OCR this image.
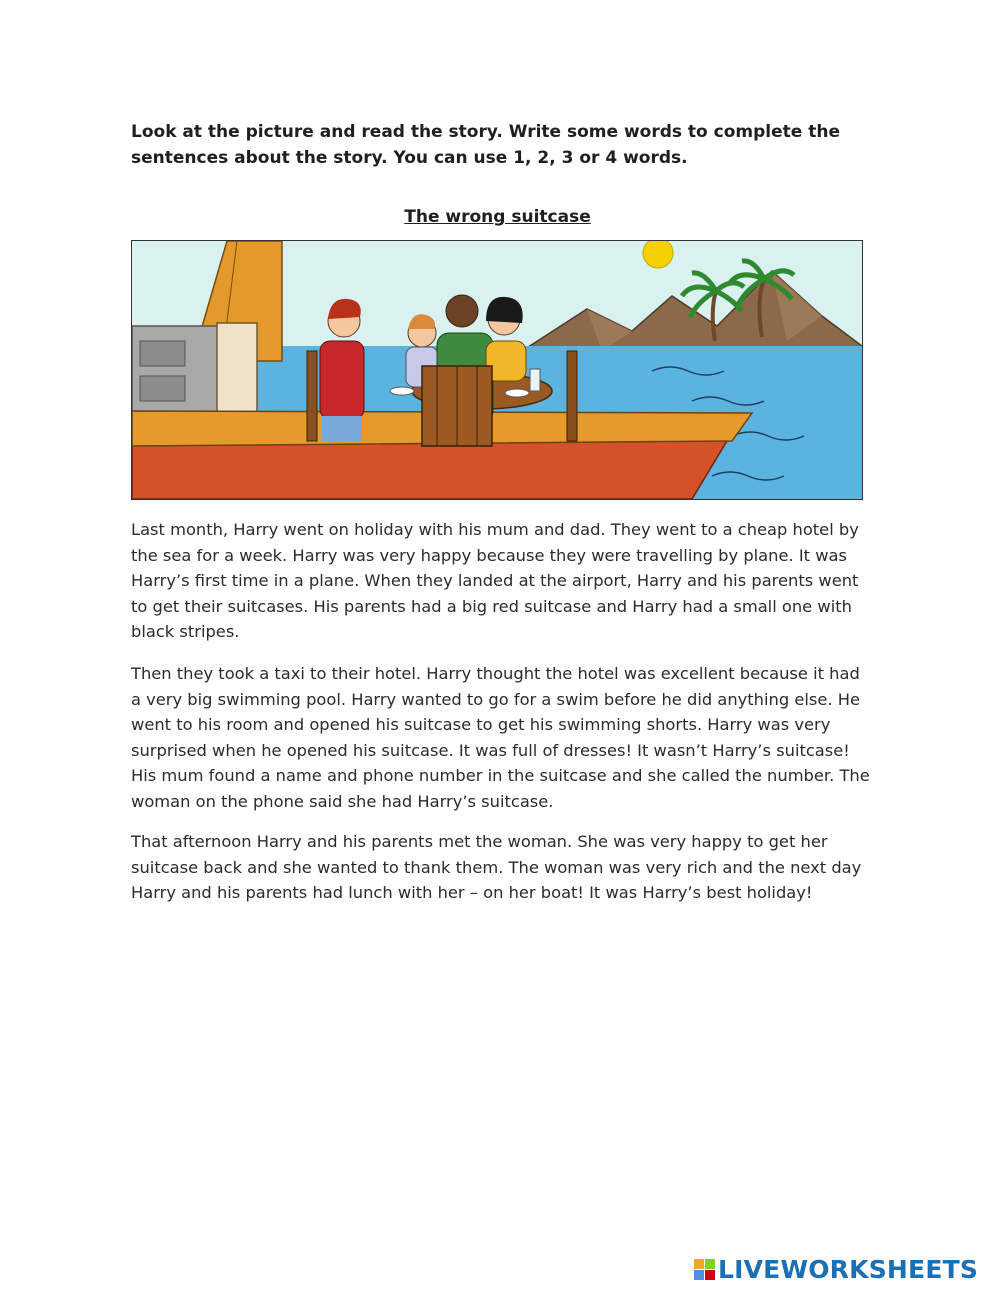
Look at the picture and read the story. Write some words to complete the sentences about the story. You can use 1, 2, 3 or 4 words.

The wrong suitcase

Last month, Harry went on holiday with his mum and dad. They went to a cheap hotel by the sea for a week. Harry was very happy because they were travelling by plane. It was Harry’s first time in a plane. When they landed at the airport, Harry and his parents went to get their suitcases. His parents had a big red suitcase and Harry had a small one with black stripes.

Then they took a taxi to their hotel. Harry thought the hotel was excellent because it had a very big swimming pool. Harry wanted to go for a swim before he did anything else. He went to his room and opened his suitcase to get his swimming shorts. Harry was very surprised when he opened his suitcase. It was full of dresses! It wasn’t Harry’s suitcase! His mum found a name and phone number in the suitcase and she called the number. The woman on the phone said she had Harry’s suitcase.

That afternoon Harry and his parents met the woman. She was very happy to get her suitcase back and she wanted to thank them. The woman was very rich and the next day Harry and his parents had lunch with her – on her boat! It was Harry’s best holiday!

LIVEWORKSHEETS
